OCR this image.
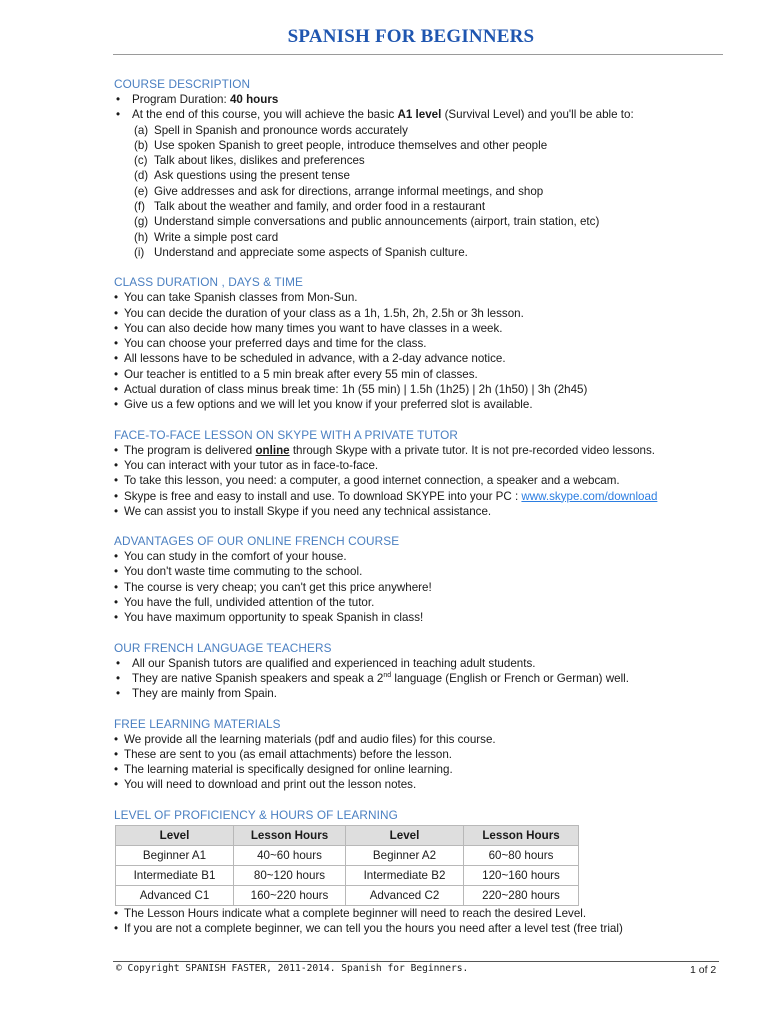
SPANISH FOR BEGINNERS
COURSE DESCRIPTION
• Program Duration: 40 hours
• At the end of this course, you will achieve the basic A1 level (Survival Level) and you'll be able to:
(a) Spell in Spanish and pronounce words accurately
(b) Use spoken Spanish to greet people, introduce themselves and other people
(c) Talk about likes, dislikes and preferences
(d) Ask questions using the present tense
(e) Give addresses and ask for directions, arrange informal meetings, and shop
(f) Talk about the weather and family, and order food in a restaurant
(g) Understand simple conversations and public announcements (airport, train station, etc)
(h) Write a simple post card
(i) Understand and appreciate some aspects of Spanish culture.
CLASS DURATION , DAYS & TIME
• You can take Spanish classes from Mon-Sun.
• You can decide the duration of your class as a 1h, 1.5h, 2h, 2.5h or 3h lesson.
• You can also decide how many times you want to have classes in a week.
• You can choose your preferred days and time for the class.
• All lessons have to be scheduled in advance, with a 2-day advance notice.
• Our teacher is entitled to a 5 min break after every 55 min of classes.
• Actual duration of class minus break time: 1h (55 min) | 1.5h (1h25) | 2h (1h50) | 3h (2h45)
• Give us a few options and we will let you know if your preferred slot is available.
FACE-TO-FACE LESSON ON SKYPE WITH A PRIVATE TUTOR
• The program is delivered online through Skype with a private tutor. It is not pre-recorded video lessons.
• You can interact with your tutor as in face-to-face.
• To take this lesson, you need: a computer, a good internet connection, a speaker and a webcam.
• Skype is free and easy to install and use. To download SKYPE into your PC : www.skype.com/download
• We can assist you to install Skype if you need any technical assistance.
ADVANTAGES OF OUR ONLINE FRENCH COURSE
• You can study in the comfort of your house.
• You don't waste time commuting to the school.
• The course is very cheap; you can't get this price anywhere!
• You have the full, undivided attention of the tutor.
• You have maximum opportunity to speak Spanish in class!
OUR FRENCH LANGUAGE TEACHERS
• All our Spanish tutors are qualified and experienced in teaching adult students.
• They are native Spanish speakers and speak a 2nd language (English or French or German) well.
• They are mainly from Spain.
FREE LEARNING MATERIALS
• We provide all the learning materials (pdf and audio files) for this course.
• These are sent to you (as email attachments) before the lesson.
• The learning material is specifically designed for online learning.
• You will need to download and print out the lesson notes.
LEVEL OF PROFICIENCY & HOURS OF LEARNING
Level	Lesson Hours	Level	Lesson Hours
Beginner A1	40~60 hours	Beginner A2	60~80 hours
Intermediate B1	80~120 hours	Intermediate B2	120~160 hours
Advanced C1	160~220 hours	Advanced C2	220~280 hours
• The Lesson Hours indicate what a complete beginner will need to reach the desired Level.
• If you are not a complete beginner, we can tell you the hours you need after a level test (free trial)
© Copyright SPANISH FASTER, 2011-2014. Spanish for Beginners.	1 of 2
